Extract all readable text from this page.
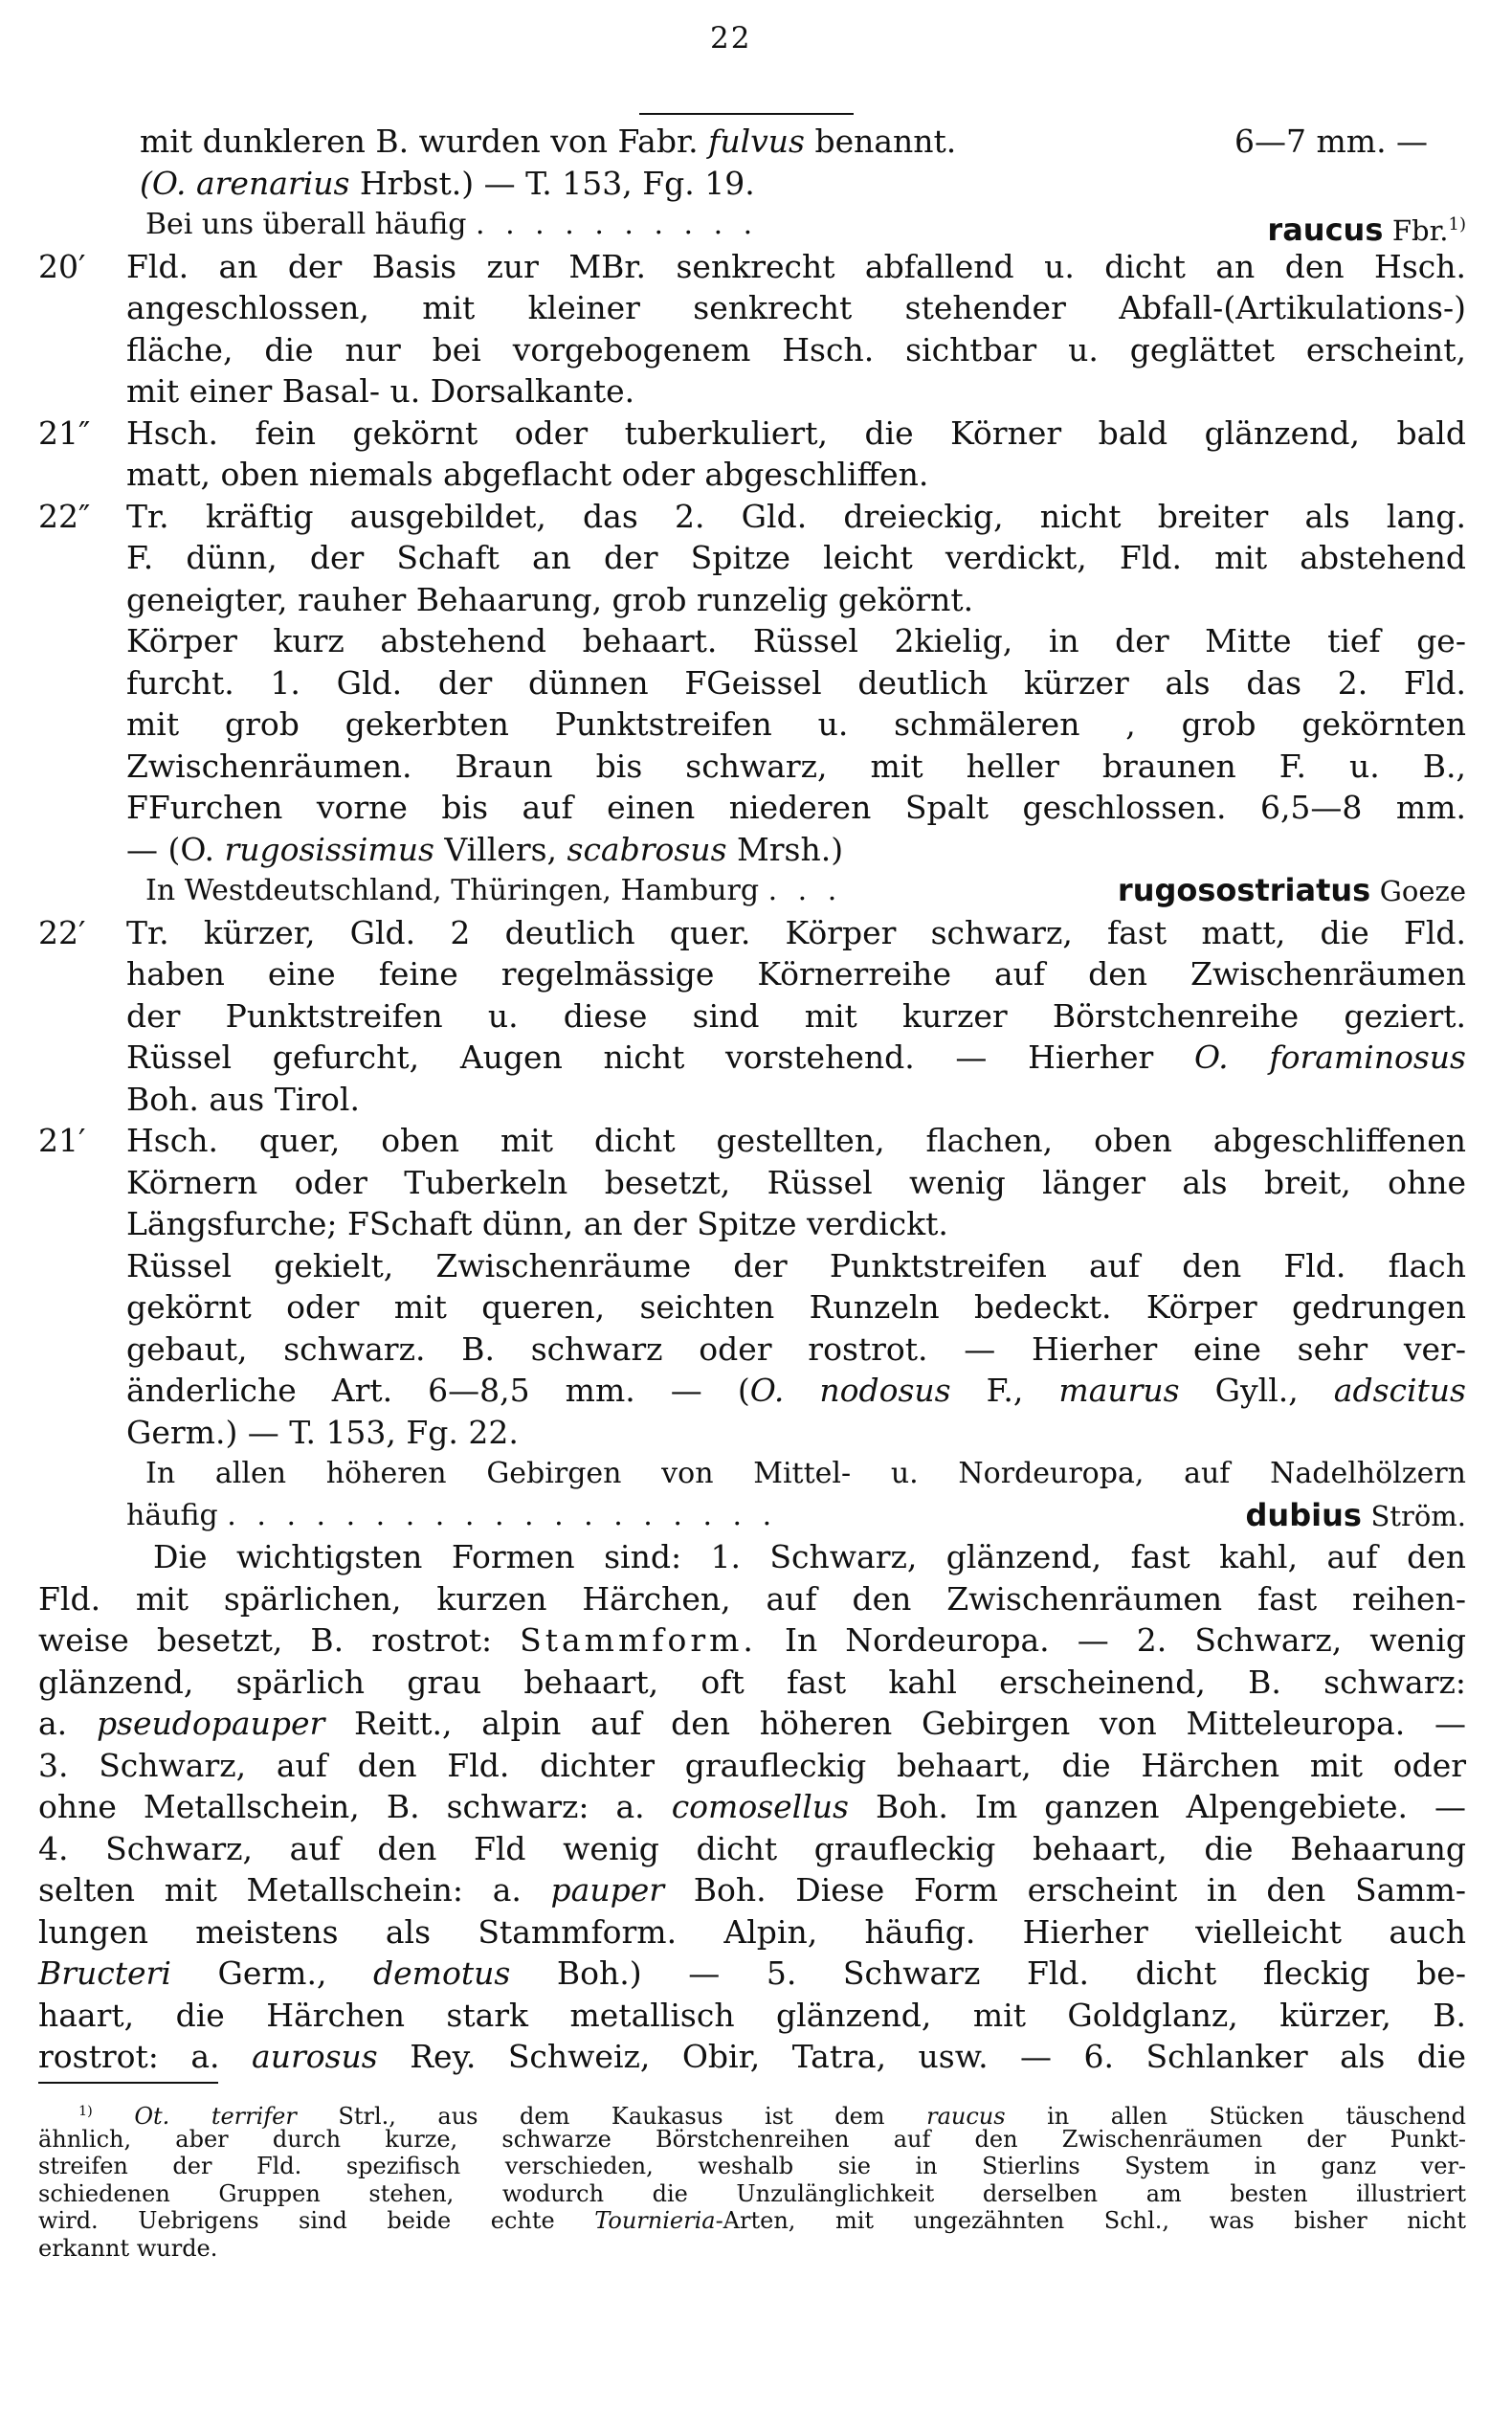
22
mit dunkleren B. wurden von Fabr. fulvus benannt.	6—7 mm. —
(O. arenarius Hrbst.) — T. 153, Fg. 19.
Bei uns überall häufig . . . . . . . . . .	raucus Fbr.$^{1)}$
20′ Fld. an der Basis zur MBr. senkrecht abfallend u. dicht an den Hsch.
angeschlossen, mit kleiner senkrecht stehender Abfall-(Artikulations-)
fläche, die nur bei vorgebogenem Hsch. sichtbar u. geglättet erscheint,
mit einer Basal- u. Dorsalkante.
21″ Hsch. fein gekörnt oder tuberkuliert, die Körner bald glänzend, bald
matt, oben niemals abgeflacht oder abgeschliffen.
22″ Tr. kräftig ausgebildet, das 2. Gld. dreieckig, nicht breiter als lang.
F. dünn, der Schaft an der Spitze leicht verdickt, Fld. mit abstehend
geneigter, rauher Behaarung, grob runzelig gekörnt.
Körper kurz abstehend behaart. Rüssel 2kielig, in der Mitte tief ge-
furcht. 1. Gld. der dünnen FGeissel deutlich kürzer als das 2. Fld.
mit grob gekerbten Punktstreifen u. schmäleren , grob gekörnten
Zwischenräumen. Braun bis schwarz, mit heller braunen F. u. B.,
FFurchen vorne bis auf einen niederen Spalt geschlossen. 6,5—8 mm.
— (O. rugosissimus Villers, scabrosus Mrsh.)
In Westdeutschland, Thüringen, Hamburg . . .	rugosostriatus Goeze
22′ Tr. kürzer, Gld. 2 deutlich quer. Körper schwarz, fast matt, die Fld.
haben eine feine regelmässige Körnerreihe auf den Zwischenräumen
der Punktstreifen u. diese sind mit kurzer Börstchenreihe geziert.
Rüssel gefurcht, Augen nicht vorstehend. — Hierher O. foraminosus
Boh. aus Tirol.
21′ Hsch. quer, oben mit dicht gestellten, flachen, oben abgeschliffenen
Körnern oder Tuberkeln besetzt, Rüssel wenig länger als breit, ohne
Längsfurche; FSchaft dünn, an der Spitze verdickt.
Rüssel gekielt, Zwischenräume der Punktstreifen auf den Fld. flach
gekörnt oder mit queren, seichten Runzeln bedeckt. Körper gedrungen
gebaut, schwarz. B. schwarz oder rostrot. — Hierher eine sehr ver-
änderliche Art. 6—8,5 mm. — (O. nodosus F., maurus Gyll., adscitus
Germ.) — T. 153, Fg. 22.
In allen höheren Gebirgen von Mittel- u. Nordeuropa, auf Nadelhölzern
häufig . . . . . . . . . . . . . . . . . . .	dubius Ström.
Die wichtigsten Formen sind: 1. Schwarz, glänzend, fast kahl, auf den
Fld. mit spärlichen, kurzen Härchen, auf den Zwischenräumen fast reihen-
weise besetzt, B. rostrot: Stammform. In Nordeuropa. — 2. Schwarz, wenig
glänzend, spärlich grau behaart, oft fast kahl erscheinend, B. schwarz:
a. pseudopauper Reitt., alpin auf den höheren Gebirgen von Mitteleuropa. —
3. Schwarz, auf den Fld. dichter graufleckig behaart, die Härchen mit oder
ohne Metallschein, B. schwarz: a. comosellus Boh. Im ganzen Alpengebiete. —
4. Schwarz, auf den Fld wenig dicht graufleckig behaart, die Behaarung
selten mit Metallschein: a. pauper Boh. Diese Form erscheint in den Samm-
lungen meistens als Stammform. Alpin, häufig. Hierher vielleicht auch
Bructeri Germ., demotus Boh.) — 5. Schwarz Fld. dicht fleckig be-
haart, die Härchen stark metallisch glänzend, mit Goldglanz, kürzer, B.
rostrot: a. aurosus Rey. Schweiz, Obir, Tatra, usw. — 6. Schlanker als die
$^{1)}$ Ot. terrifer Strl., aus dem Kaukasus ist dem raucus in allen Stücken täuschend
ähnlich, aber durch kurze, schwarze Börstchenreihen auf den Zwischenräumen der Punkt-
streifen der Fld. spezifisch verschieden, weshalb sie in Stierlins System in ganz ver-
schiedenen Gruppen stehen, wodurch die Unzulänglichkeit derselben am besten illustriert
wird. Uebrigens sind beide echte Tournieria-Arten, mit ungezähnten Schl., was bisher nicht
erkannt wurde.
